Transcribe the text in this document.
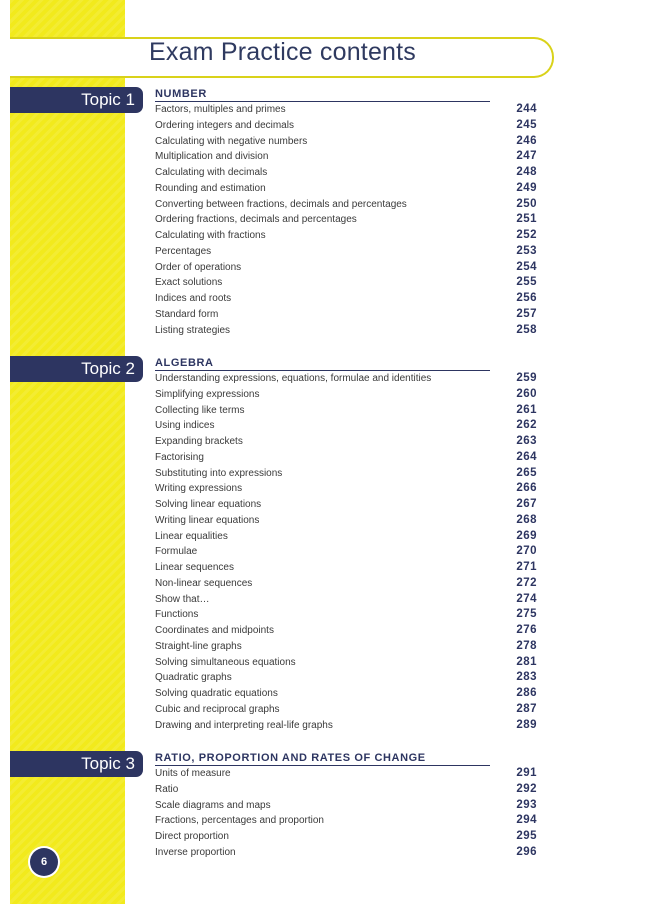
Exam Practice contents
Topic 1	NUMBER
Factors, multiples and primes	244
Ordering integers and decimals	245
Calculating with negative numbers	246
Multiplication and division	247
Calculating with decimals	248
Rounding and estimation	249
Converting between fractions, decimals and percentages	250
Ordering fractions, decimals and percentages	251
Calculating with fractions	252
Percentages	253
Order of operations	254
Exact solutions	255
Indices and roots	256
Standard form	257
Listing strategies	258
Topic 2	ALGEBRA
Understanding expressions, equations, formulae and identities	259
Simplifying expressions	260
Collecting like terms	261
Using indices	262
Expanding brackets	263
Factorising	264
Substituting into expressions	265
Writing expressions	266
Solving linear equations	267
Writing linear equations	268
Linear equalities	269
Formulae	270
Linear sequences	271
Non-linear sequences	272
Show that…	274
Functions	275
Coordinates and midpoints	276
Straight-line graphs	278
Solving simultaneous equations	281
Quadratic graphs	283
Solving quadratic equations	286
Cubic and reciprocal graphs	287
Drawing and interpreting real-life graphs	289
Topic 3	RATIO, PROPORTION AND RATES OF CHANGE
Units of measure	291
Ratio	292
Scale diagrams and maps	293
Fractions, percentages and proportion	294
Direct proportion	295
Inverse proportion	296
6
